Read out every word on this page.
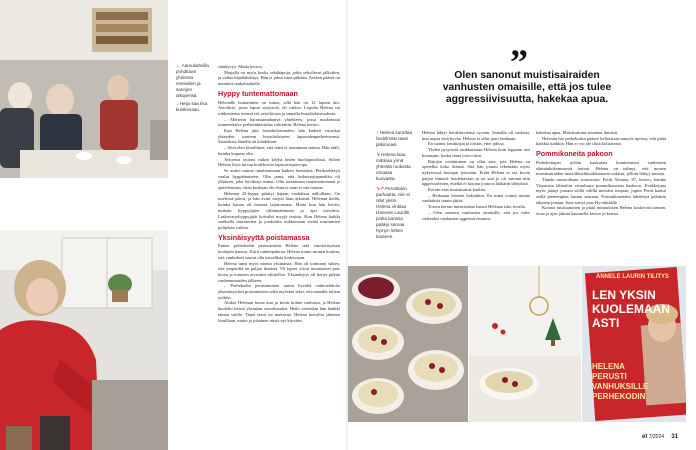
← Aamukahvilla pohditaan yhdessä esineiden ja sanojen alkuperää.
↓ Heija saa Ilsa kuiskimaan.

sääntyvyy. Mutta kerroo.

Matjalla on myös koska sekäkäpoja, jotka sekoilevat jalkoihin, ja valtaa käpälälukitys. Hän ei jaksa istua pitkään. Aerken päästä on mentävä taukohaukulle.

Hyppy tuntemattomaan

Helenalle hoitaminen on tuttua, sillä hän on 12 lapsen äiti. Avioliitto, jossa lapset syntyivät, oli vaikea. Lopulta Helena sai rohkeutensa itsensä irti avioliitosta ja samalla lestadiolaisuudesta.

– Merterin harrastamahanvä yhtehteen, jossa maikenutai toimeenkiiva perheenkiertulaa valitettiin, Helena kertoo.

Kun Helena jätti lestadiolaisuuden, hän kadotti vuosikai yhteyden suurenn lestadiolaiseen lapsuudenperheeseensä. Sisaruksia hänellä on kahdeksan.

– Siitä olen kiitollinen, että isäni ei tuominnut minua. Hän sääli, kuinka kopuna olin.

Avioeroa seurasi vaikea köyhä lasten huoltajasodissa. Siihen Helena löysi turvaa kodeksesta lapsuuvoipuvoipa.

Se auttoi minua omaltuuntaan kaiken hermokat. Perikoekkeyä vaalin hyppäämiseen. Olin jama, että laskuvarjopunakka oli ylhäisen, joka hyviksiyt minut. Olin toisaanaan tuntemattomaan ja ajattelemaan, etten koskaan ole ehtinyt vaan ei sitä muttaa.

Helenan 25-hyppy päättyi hajaan vauhdissa aalloillaan. On mielessä pärvä, ja hän avasi varjon liian aikaisin. Helenan tiedät, kuinka kauan oli maassa tajuttomana. Mutta kun hän heräsi, muistin hyppyjäjien välttämätönnen ja apu tarvittiin. Laskuvarjohyppyjäjät koivahti myyjä omista. Kun Helena kaikki sarekallä murtumien ja jouduttiin nukkumaan sietää murtumien polijehen vaihoa.

Yksinäisyyttä poistamassa

Ennen perhekodin perustamista Helena teki vuosierityisten koulujen kanssa. Kiirii tunnetpaluraa. Helena tuumi monen koulun, että vanhukset saavat olla turvallisia kodeissaan.

Helena tunsi myös monta yksinäistä. Hän oli toimunut siihen, että ympäriltä on paljon ihmisiä. Yli lapset olivat muuttaneet pois kotoa ja toimeen arvostiin vähitellen. Yksinäisyys oli kertyt pitkän vanhemmuuden jälkeen.

– Perhekodin perustaminen tuntui hyvältä vaihtoehdolta yksinäisyyden poistamiseen sekä myöskin siksi, että samalla tulisin työhön.

Alukoi Helenan luona asui ja kesäs kolme vanhusta, ja Helena huolehti heistä yksinään vuorokauden. Hetki vartenkin hän hankki tämän väelle. Tämä tässä on mukavaa. Helena kierollut jääneen lomillaan, mutta ja jokainen niistä nyt kiyvään.

↑ Helena suruttaa hedelmäsi taas! jälkiruoasi.
↘ Helena isaa mätkiaa ynnä yhteistä ruokasta omaasa kuuvasta.
↘↗ Perustalon parhautta, niin ei ollut yksin. Helena vintilaa Hannele Laurille, jonka kanssa pääkyi samaa hymyn lettien kanteen.

Helena lähtyi hoidettaviensa syvaan. Samalla oli vaikeaa, kun uupui siitä hyvaa. Helena ei ollut juuri lainkaan.

En saanut lomittajaa ja toisiin, ettei jakssa.

Yhden pysyvistä asukkaistaan Helena hoiti loppuun asti kotonaan, koska tämä toivoi niin.

Rajojen veittäminen on ollut asia, jota Helena on opetellut koko ikänsä. Sitä hän joutuu tekemään myös nykyisessä hoitajan työssään. Eräät Helena ei ota kovin paljon ihmisiä hoidettavaan ja on sitä jo oli sairaan niin aggressiivinen, etteikä ei kotona joutuva lääkärin lähtyksiä.

Kerran eräs muistisairas karkasi.

– Heikaaan kärsien kaksinkin. En minä voinut muuta vanhuksia taasta jättää.

Toisen kerran muistisairas katsoi Helenaa isku tovalla.

– Olen sanonut vanhusten omaisille, että jos tulee vaikeaksi vanhusten aggressiivisuutta,

hakekaa apua. Muistisairaus muuttaa ihmistä.

Helenan luo perhekotiin pääsee kelloistain mmyös ajoissa, että pitää kaikkia kaikkia. Hän ei voi ole tästä koliaisesta.

Pommikoneita pakoon

Perhekotiajan työlän kaukutasi lounitetuissa vanhusten elämänkokemusestä tarinat. Helena on nähnyt, että monen muistisairaiden musiiikkarkkiarkkiaaasia sodasta, jolloin lähtyy tunteja.

Tämän muistoihaan sotavuosia. Pertti Ahonen, 87, kertoo, kuinka Viipurista lähtettiin vrtuuliasta pommikoneista karkoon. Evakkojuna myös jäänyt jossain siellä välillä metsäin suojaan, jupiin Pertti kaatui siellä pienempien laisten seuraan. Pommikoneiden lähdettyä palattiin takaisin junaan. Juna siirtyi pois Hyvinkäälle.

Kotona muistaminen ja pitää minuuttisen Helena koskevan tarinan, ottaa ja ajaa jaksaa kaunnella kertoo ja kertaa.

ANNELE LAURIN TILITYS
LEN YKSIN
KUOLEMAAN
ASTI
HELENA
PERUSTI
VANHUKSILLE
PERHEKODIN
et 7/2024 31
”
Olen sanonut muistisairaiden vanhusten omaisille, että jos tulee aggressiivisuutta, hakekaa apua.
